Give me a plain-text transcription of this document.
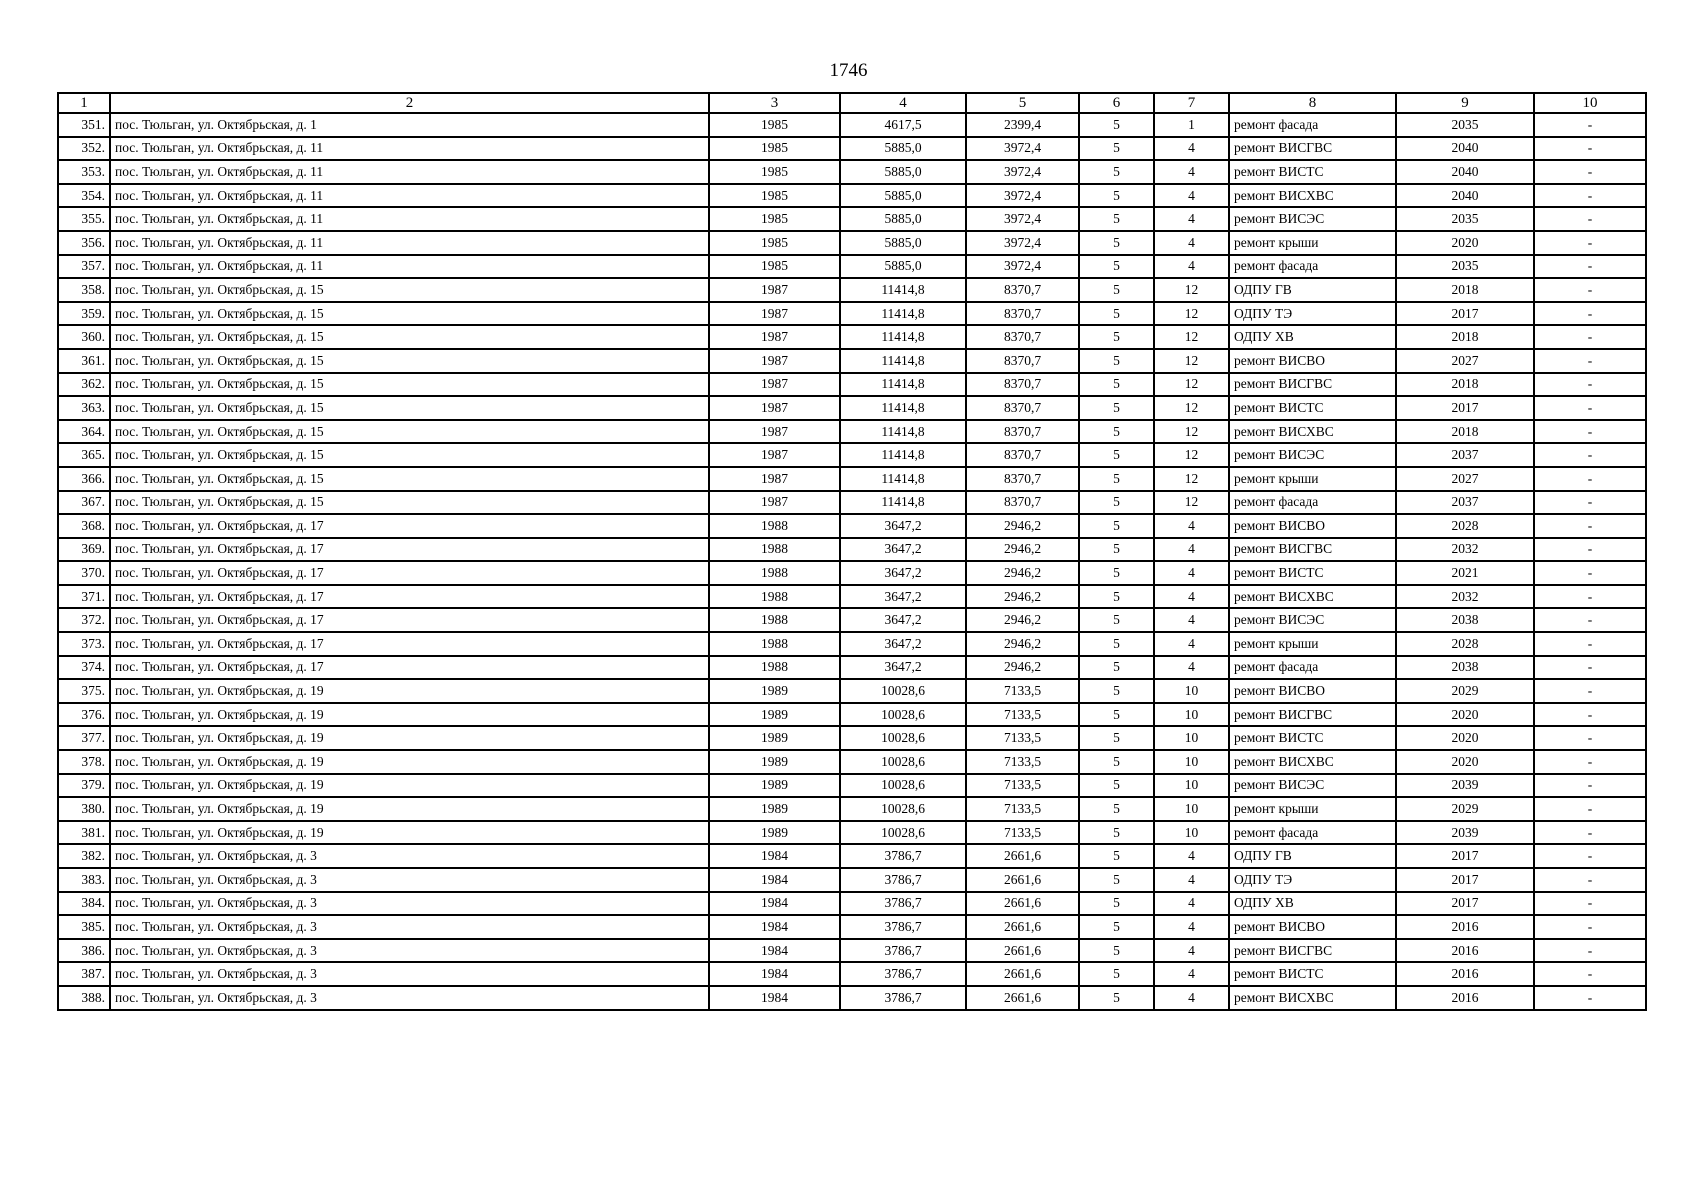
1746
1	2	3	4	5	6	7	8	9	10
351.	пос. Тюльган, ул. Октябрьская, д. 1	1985	4617,5	2399,4	5	1	ремонт фасада	2035	-
352.	пос. Тюльган, ул. Октябрьская, д. 11	1985	5885,0	3972,4	5	4	ремонт ВИСГВС	2040	-
353.	пос. Тюльган, ул. Октябрьская, д. 11	1985	5885,0	3972,4	5	4	ремонт ВИСТС	2040	-
354.	пос. Тюльган, ул. Октябрьская, д. 11	1985	5885,0	3972,4	5	4	ремонт ВИСХВС	2040	-
355.	пос. Тюльган, ул. Октябрьская, д. 11	1985	5885,0	3972,4	5	4	ремонт ВИСЭС	2035	-
356.	пос. Тюльган, ул. Октябрьская, д. 11	1985	5885,0	3972,4	5	4	ремонт крыши	2020	-
357.	пос. Тюльган, ул. Октябрьская, д. 11	1985	5885,0	3972,4	5	4	ремонт фасада	2035	-
358.	пос. Тюльган, ул. Октябрьская, д. 15	1987	11414,8	8370,7	5	12	ОДПУ ГВ	2018	-
359.	пос. Тюльган, ул. Октябрьская, д. 15	1987	11414,8	8370,7	5	12	ОДПУ ТЭ	2017	-
360.	пос. Тюльган, ул. Октябрьская, д. 15	1987	11414,8	8370,7	5	12	ОДПУ ХВ	2018	-
361.	пос. Тюльган, ул. Октябрьская, д. 15	1987	11414,8	8370,7	5	12	ремонт ВИСВО	2027	-
362.	пос. Тюльган, ул. Октябрьская, д. 15	1987	11414,8	8370,7	5	12	ремонт ВИСГВС	2018	-
363.	пос. Тюльган, ул. Октябрьская, д. 15	1987	11414,8	8370,7	5	12	ремонт ВИСТС	2017	-
364.	пос. Тюльган, ул. Октябрьская, д. 15	1987	11414,8	8370,7	5	12	ремонт ВИСХВС	2018	-
365.	пос. Тюльган, ул. Октябрьская, д. 15	1987	11414,8	8370,7	5	12	ремонт ВИСЭС	2037	-
366.	пос. Тюльган, ул. Октябрьская, д. 15	1987	11414,8	8370,7	5	12	ремонт крыши	2027	-
367.	пос. Тюльган, ул. Октябрьская, д. 15	1987	11414,8	8370,7	5	12	ремонт фасада	2037	-
368.	пос. Тюльган, ул. Октябрьская, д. 17	1988	3647,2	2946,2	5	4	ремонт ВИСВО	2028	-
369.	пос. Тюльган, ул. Октябрьская, д. 17	1988	3647,2	2946,2	5	4	ремонт ВИСГВС	2032	-
370.	пос. Тюльган, ул. Октябрьская, д. 17	1988	3647,2	2946,2	5	4	ремонт ВИСТС	2021	-
371.	пос. Тюльган, ул. Октябрьская, д. 17	1988	3647,2	2946,2	5	4	ремонт ВИСХВС	2032	-
372.	пос. Тюльган, ул. Октябрьская, д. 17	1988	3647,2	2946,2	5	4	ремонт ВИСЭС	2038	-
373.	пос. Тюльган, ул. Октябрьская, д. 17	1988	3647,2	2946,2	5	4	ремонт крыши	2028	-
374.	пос. Тюльган, ул. Октябрьская, д. 17	1988	3647,2	2946,2	5	4	ремонт фасада	2038	-
375.	пос. Тюльган, ул. Октябрьская, д. 19	1989	10028,6	7133,5	5	10	ремонт ВИСВО	2029	-
376.	пос. Тюльган, ул. Октябрьская, д. 19	1989	10028,6	7133,5	5	10	ремонт ВИСГВС	2020	-
377.	пос. Тюльган, ул. Октябрьская, д. 19	1989	10028,6	7133,5	5	10	ремонт ВИСТС	2020	-
378.	пос. Тюльган, ул. Октябрьская, д. 19	1989	10028,6	7133,5	5	10	ремонт ВИСХВС	2020	-
379.	пос. Тюльган, ул. Октябрьская, д. 19	1989	10028,6	7133,5	5	10	ремонт ВИСЭС	2039	-
380.	пос. Тюльган, ул. Октябрьская, д. 19	1989	10028,6	7133,5	5	10	ремонт крыши	2029	-
381.	пос. Тюльган, ул. Октябрьская, д. 19	1989	10028,6	7133,5	5	10	ремонт фасада	2039	-
382.	пос. Тюльган, ул. Октябрьская, д. 3	1984	3786,7	2661,6	5	4	ОДПУ ГВ	2017	-
383.	пос. Тюльган, ул. Октябрьская, д. 3	1984	3786,7	2661,6	5	4	ОДПУ ТЭ	2017	-
384.	пос. Тюльган, ул. Октябрьская, д. 3	1984	3786,7	2661,6	5	4	ОДПУ ХВ	2017	-
385.	пос. Тюльган, ул. Октябрьская, д. 3	1984	3786,7	2661,6	5	4	ремонт ВИСВО	2016	-
386.	пос. Тюльган, ул. Октябрьская, д. 3	1984	3786,7	2661,6	5	4	ремонт ВИСГВС	2016	-
387.	пос. Тюльган, ул. Октябрьская, д. 3	1984	3786,7	2661,6	5	4	ремонт ВИСТС	2016	-
388.	пос. Тюльган, ул. Октябрьская, д. 3	1984	3786,7	2661,6	5	4	ремонт ВИСХВС	2016	-
